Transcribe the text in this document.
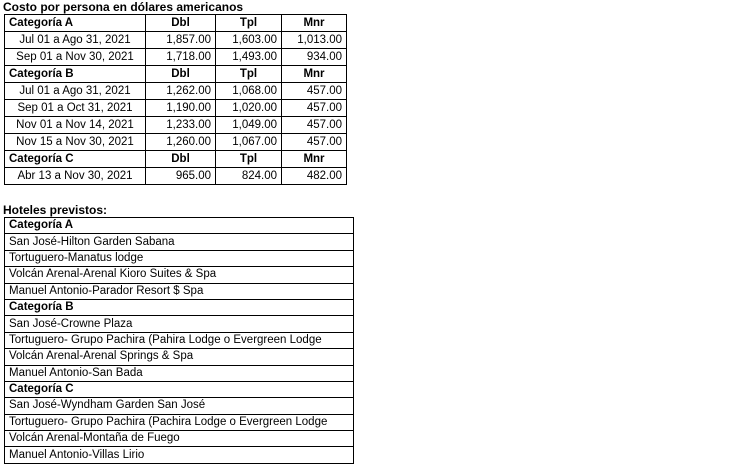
Costo por persona en dólares americanos
Categoría A	Dbl	Tpl	Mnr
Jul 01 a Ago 31, 2021	1,857.00	1,603.00	1,013.00
Sep 01 a Nov 30, 2021	1,718.00	1,493.00	934.00
Categoría B	Dbl	Tpl	Mnr
Jul 01 a Ago 31, 2021	1,262.00	1,068.00	457.00
Sep 01 a Oct 31, 2021	1,190.00	1,020.00	457.00
Nov 01 a Nov 14, 2021	1,233.00	1,049.00	457.00
Nov 15 a Nov 30, 2021	1,260.00	1,067.00	457.00
Categoría C	Dbl	Tpl	Mnr
Abr 13 a Nov 30, 2021	965.00	824.00	482.00
Hoteles previstos:
Categoría A
San José-Hilton Garden Sabana
Tortuguero-Manatus lodge
Volcán Arenal-Arenal Kioro Suites & Spa
Manuel Antonio-Parador Resort $ Spa
Categoría B
San José-Crowne Plaza
Tortuguero- Grupo Pachira (Pahira Lodge o Evergreen Lodge
Volcán Arenal-Arenal Springs & Spa
Manuel Antonio-San Bada
Categoría C
San José-Wyndham Garden San José
Tortuguero- Grupo Pachira (Pachira Lodge o Evergreen Lodge
Volcán Arenal-Montaña de Fuego
Manuel Antonio-Villas Lirio
